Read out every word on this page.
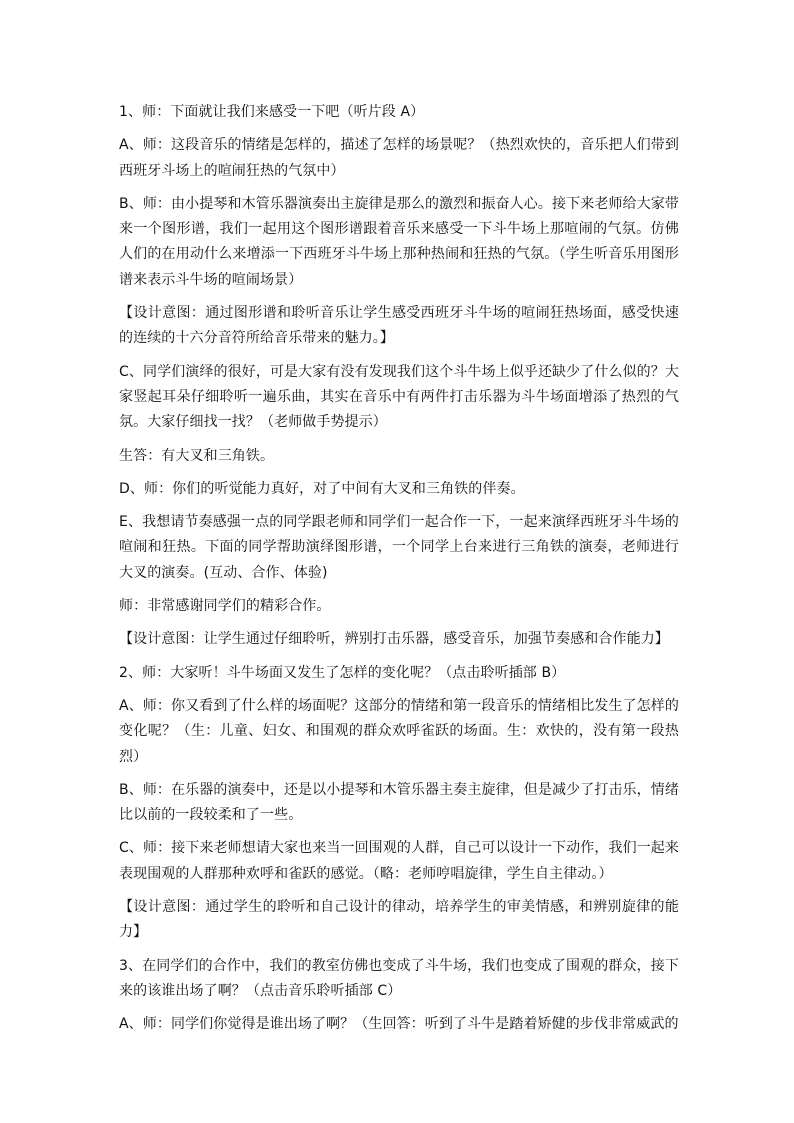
1、师：下面就让我们来感受一下吧（听片段 A）

A、师：这段音乐的情绪是怎样的，描述了怎样的场景呢？（热烈欢快的，音乐把人们带到西班牙斗场上的喧闹狂热的气氛中）

B、师：由小提琴和木管乐器演奏出主旋律是那么的激烈和振奋人心。接下来老师给大家带来一个图形谱，我们一起用这个图形谱跟着音乐来感受一下斗牛场上那喧闹的气氛。仿佛人们的在用动什么来增添一下西班牙斗牛场上那种热闹和狂热的气氛。（学生听音乐用图形谱来表示斗牛场的喧闹场景）

【设计意图：通过图形谱和聆听音乐让学生感受西班牙斗牛场的喧闹狂热场面，感受快速的连续的十六分音符所给音乐带来的魅力。】

C、同学们演绎的很好，可是大家有没有发现我们这个斗牛场上似乎还缺少了什么似的？大家竖起耳朵仔细聆听一遍乐曲，其实在音乐中有两件打击乐器为斗牛场面增添了热烈的气氛。大家仔细找一找？（老师做手势提示）

生答：有大叉和三角铁。

D、师：你们的听觉能力真好，对了中间有大叉和三角铁的伴奏。

E、我想请节奏感强一点的同学跟老师和同学们一起合作一下，一起来演绎西班牙斗牛场的喧闹和狂热。下面的同学帮助演绎图形谱，一个同学上台来进行三角铁的演奏，老师进行大叉的演奏。(互动、合作、体验)

师：非常感谢同学们的精彩合作。

【设计意图：让学生通过仔细聆听，辨别打击乐器，感受音乐，加强节奏感和合作能力】

2、师：大家听！斗牛场面又发生了怎样的变化呢？（点击聆听插部 B）

A、师：你又看到了什么样的场面呢？这部分的情绪和第一段音乐的情绪相比发生了怎样的变化呢？（生：儿童、妇女、和围观的群众欢呼雀跃的场面。生：欢快的，没有第一段热烈）

B、师：在乐器的演奏中，还是以小提琴和木管乐器主奏主旋律，但是减少了打击乐，情绪比以前的一段较柔和了一些。

C、师：接下来老师想请大家也来当一回围观的人群，自己可以设计一下动作，我们一起来表现围观的人群那种欢呼和雀跃的感觉。（略：老师哼唱旋律，学生自主律动。）

【设计意图：通过学生的聆听和自己设计的律动，培养学生的审美情感，和辨别旋律的能力】

3、在同学们的合作中，我们的教室仿佛也变成了斗牛场，我们也变成了围观的群众，接下来的该谁出场了啊？（点击音乐聆听插部 C）

A、师：同学们你觉得是谁出场了啊？（生回答：听到了斗牛是踏着矫健的步伐非常威武的
